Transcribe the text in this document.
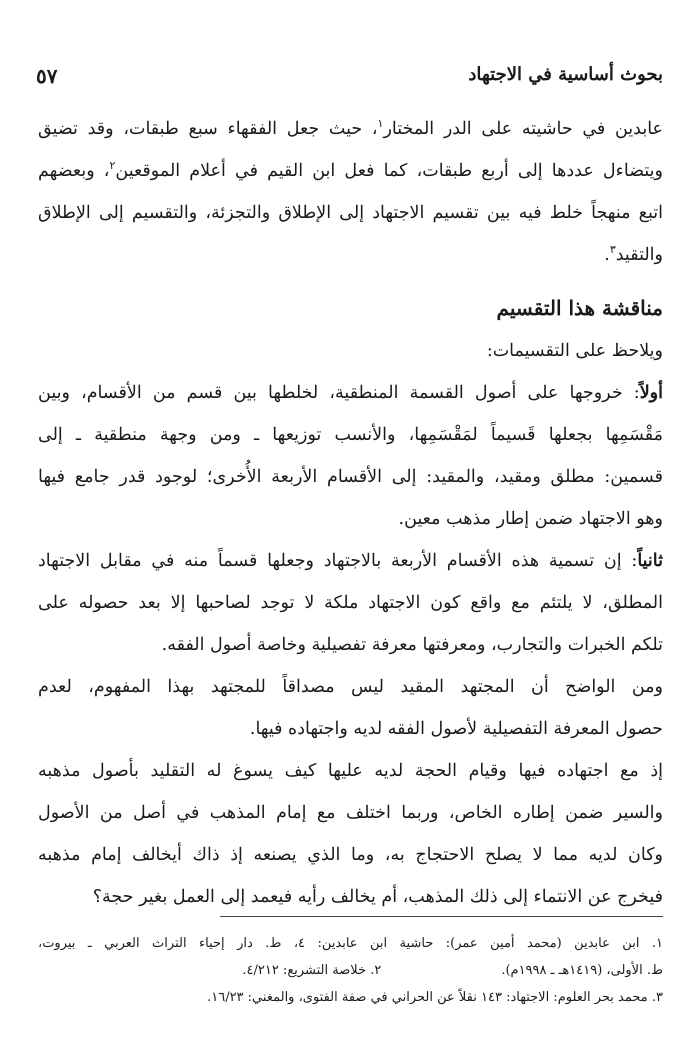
بحوث أساسية في الاجتهاد
٥٧
عابدين في حاشيته على الدر المختار$^١$، حيث جعل الفقهاء سبع طبقات، وقد تضيق
ويتضاءل عددها إلى أربع طبقات، كما فعل ابن القيم في أعلام الموقعين$^٢$، وبعضهم
اتبع منهجاً خلط فيه بين تقسيم الاجتهاد إلى الإطلاق والتجزئة، والتقسيم إلى الإطلاق
والتقيد$^٣$.
مناقشة هذا التقسيم
ويلاحظ على التقسيمات:
أولاً: خروجها على أصول القسمة المنطقية، لخلطها بين قسم من الأقسام، وبين
مَقْسَمِها بجعلها قَسيماً لمَقْسَمِها، والأنسب توزيعها ـ ومن وجهة منطقية ـ إلى
قسمين: مطلق ومقيد، والمقيد: إلى الأقسام الأربعة الأُخرى؛ لوجود قدر جامع فيها
وهو الاجتهاد ضمن إطار مذهب معين.
ثانياً: إن تسمية هذه الأقسام الأربعة بالاجتهاد وجعلها قسماً منه في مقابل الاجتهاد
المطلق، لا يلتئم مع واقع كون الاجتهاد ملكة لا توجد لصاحبها إلا بعد حصوله على
تلكم الخبرات والتجارب، ومعرفتها معرفة تفصيلية وخاصة أصول الفقه.
ومن الواضح أن المجتهد المقيد ليس مصداقاً للمجتهد بهذا المفهوم، لعدم
حصول المعرفة التفصيلية لأصول الفقه لديه واجتهاده فيها.
إذ مع اجتهاده فيها وقيام الحجة لديه عليها كيف يسوغ له التقليد بأصول مذهبه
والسير ضمن إطاره الخاص، وربما اختلف مع إمام المذهب في أصل من الأصول
وكان لديه مما لا يصلح الاحتجاج به، وما الذي يصنعه إذ ذاك أيخالف إمام مذهبه
فيخرج عن الانتماء إلى ذلك المذهب، أم يخالف رأيه فيعمد إلى العمل بغير حجة؟
١. ابن عابدين (محمد أمين عمر): حاشية ابن عابدين: ٤، ط. دار إحياء التراث العربي ـ بيروت،
ط. الأولى، (١٤١٩هـ ـ ١٩٩٨م).٢. خلاصة التشريع: ٤/٢١٢.
٣. محمد بحر العلوم: الاجتهاد: ١٤٣ نقلاً عن الحراني في صفة الفتوى، والمغني: ١٦/٢٣.
